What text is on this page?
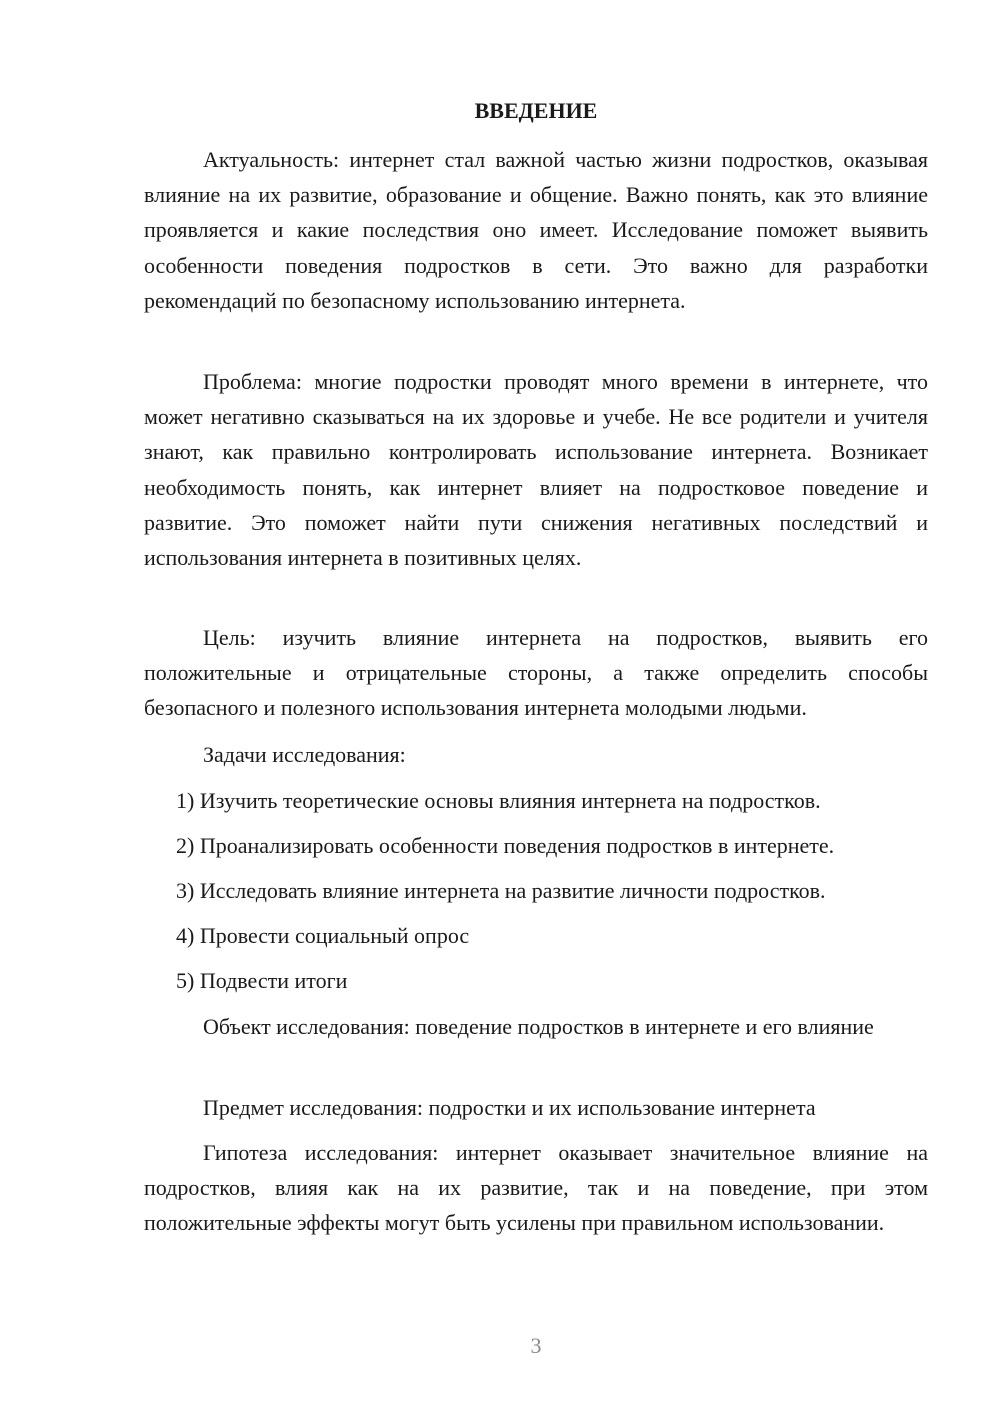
ВВЕДЕНИЕ

Актуальность: интернет стал важной частью жизни подростков, оказывая влияние на их развитие, образование и общение. Важно понять, как это влияние проявляется и какие последствия оно имеет. Исследование поможет выявить особенности поведения подростков в сети. Это важно для разработки рекомендаций по безопасному использованию интернета.

Проблема: многие подростки проводят много времени в интернете, что может негативно сказываться на их здоровье и учебе. Не все родители и учителя знают, как правильно контролировать использование интернета. Возникает необходимость понять, как интернет влияет на подростковое поведение и развитие. Это поможет найти пути снижения негативных последствий и использования интернета в позитивных целях.

Цель: изучить влияние интернета на подростков, выявить его положительные и отрицательные стороны, а также определить способы безопасного и полезного использования интернета молодыми людьми.

Задачи исследования:

1) Изучить теоретические основы влияния интернета на подростков.

2) Проанализировать особенности поведения подростков в интернете.

3) Исследовать влияние интернета на развитие личности подростков.

4) Провести социальный опрос

5) Подвести итоги

Объект исследования: поведение подростков в интернете и его влияние

Предмет исследования: подростки и их использование интернета

Гипотеза исследования: интернет оказывает значительное влияние на подростков, влияя как на их развитие, так и на поведение, при этом положительные эффекты могут быть усилены при правильном использовании.

3
